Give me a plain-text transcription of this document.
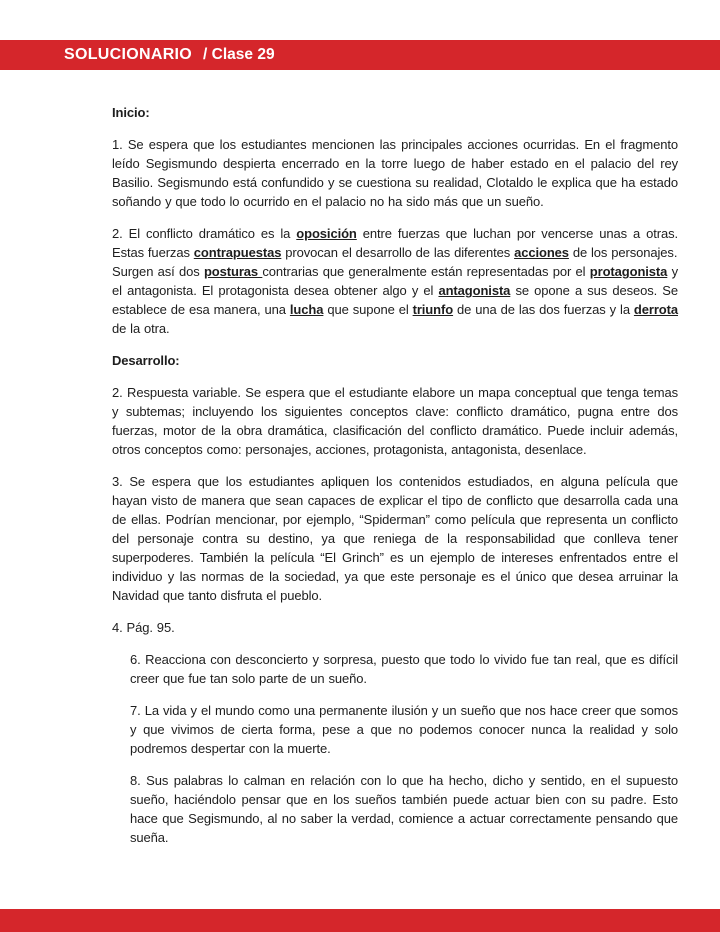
SOLUCIONARIO / Clase 29

Inicio:

1. Se espera que los estudiantes mencionen las principales acciones ocurridas. En el fragmento leído Segismundo despierta encerrado en la torre luego de haber estado en el palacio del rey Basilio. Segismundo está confundido y se cuestiona su realidad, Clotaldo le explica que ha estado soñando y que todo lo ocurrido en el palacio no ha sido más que un sueño.

2. El conflicto dramático es la oposición entre fuerzas que luchan por vencerse unas a otras. Estas fuerzas contrapuestas provocan el desarrollo de las diferentes acciones de los personajes.
Surgen así dos posturas contrarias que generalmente están representadas por el protagonista y el antagonista. El protagonista desea obtener algo y el antagonista se opone a sus deseos. Se establece de esa manera, una lucha que supone el triunfo de una de las dos fuerzas y la derrota de la otra.

Desarrollo:

2. Respuesta variable. Se espera que el estudiante elabore un mapa conceptual que tenga temas y subtemas; incluyendo los siguientes conceptos clave: conflicto dramático, pugna entre dos fuerzas, motor de la obra dramática, clasificación del conflicto dramático. Puede incluir además, otros conceptos como: personajes, acciones, protagonista, antagonista, desenlace.

3. Se espera que los estudiantes apliquen los contenidos estudiados, en alguna película que hayan visto de manera que sean capaces de explicar el tipo de conflicto que desarrolla cada una de ellas. Podrían mencionar, por ejemplo, “Spiderman” como película que representa un conflicto del personaje contra su destino, ya que reniega de la responsabilidad que conlleva tener superpoderes. También la película “El Grinch” es un ejemplo de intereses enfrentados entre el individuo y las normas de la sociedad, ya que este personaje es el único que desea arruinar la Navidad que tanto disfruta el pueblo.

4. Pág. 95.

6. Reacciona con desconcierto y sorpresa, puesto que todo lo vivido fue tan real, que es difícil creer que fue tan solo parte de un sueño.

7. La vida y el mundo como una permanente ilusión y un sueño que nos hace creer que somos y que vivimos de cierta forma, pese a que no podemos conocer nunca la realidad y solo podremos despertar con la muerte.

8. Sus palabras lo calman en relación con lo que ha hecho, dicho y sentido, en el supuesto sueño, haciéndolo pensar que en los sueños también puede actuar bien con su padre. Esto hace que Segismundo, al no saber la verdad, comience a actuar correctamente pensando que sueña.
